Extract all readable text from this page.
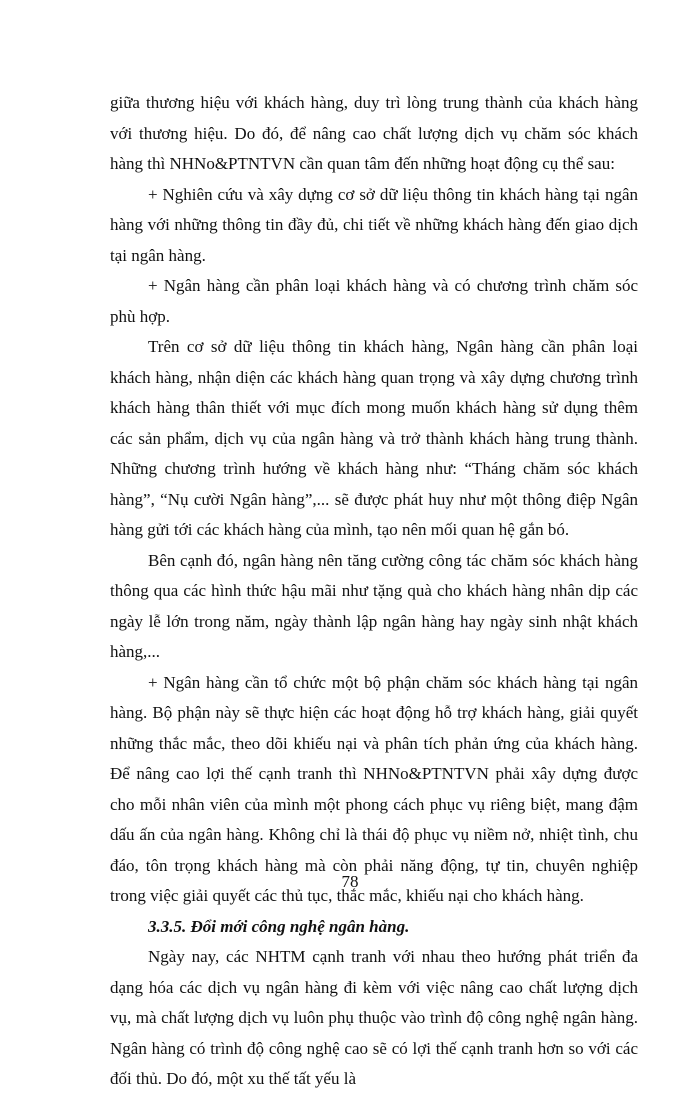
giữa thương hiệu với khách hàng, duy trì lòng trung thành của khách hàng với thương hiệu. Do đó, để nâng cao chất lượng dịch vụ chăm sóc khách hàng thì NHNo&PTNTVN cần quan tâm đến những hoạt động cụ thể sau:

+ Nghiên cứu và xây dựng cơ sở dữ liệu thông tin khách hàng tại ngân hàng với những thông tin đầy đủ, chi tiết về những khách hàng đến giao dịch tại ngân hàng.

+ Ngân hàng cần phân loại khách hàng và có chương trình chăm sóc phù hợp.

Trên cơ sở dữ liệu thông tin khách hàng, Ngân hàng cần phân loại khách hàng, nhận diện các khách hàng quan trọng và xây dựng chương trình khách hàng thân thiết với mục đích mong muốn khách hàng sử dụng thêm các sản phẩm, dịch vụ của ngân hàng và trở thành khách hàng trung thành. Những chương trình hướng về khách hàng như: “Tháng chăm sóc khách hàng”, “Nụ cười Ngân hàng”,... sẽ được phát huy như một thông điệp Ngân hàng gửi tới các khách hàng của mình, tạo nên mối quan hệ gắn bó.

Bên cạnh đó, ngân hàng nên tăng cường công tác chăm sóc khách hàng thông qua các hình thức hậu mãi như tặng quà cho khách hàng nhân dịp các ngày lễ lớn trong năm, ngày thành lập ngân hàng hay ngày sinh nhật khách hàng,...

+ Ngân hàng cần tổ chức một bộ phận chăm sóc khách hàng tại ngân hàng. Bộ phận này sẽ thực hiện các hoạt động hỗ trợ khách hàng, giải quyết những thắc mắc, theo dõi khiếu nại và phân tích phản ứng của khách hàng. Để nâng cao lợi thế cạnh tranh thì NHNo&PTNTVN phải xây dựng được cho mỗi nhân viên của mình một phong cách phục vụ riêng biệt, mang đậm dấu ấn của ngân hàng. Không chỉ là thái độ phục vụ niềm nở, nhiệt tình, chu đáo, tôn trọng khách hàng mà còn phải năng động, tự tin, chuyên nghiệp trong việc giải quyết các thủ tục, thắc mắc, khiếu nại cho khách hàng.

3.3.5. Đổi mới công nghệ ngân hàng.

Ngày nay, các NHTM cạnh tranh với nhau theo hướng phát triển đa dạng hóa các dịch vụ ngân hàng đi kèm với việc nâng cao chất lượng dịch vụ, mà chất lượng dịch vụ luôn phụ thuộc vào trình độ công nghệ ngân hàng. Ngân hàng có trình độ công nghệ cao sẽ có lợi thế cạnh tranh hơn so với các đối thủ. Do đó, một xu thế tất yếu là

78
